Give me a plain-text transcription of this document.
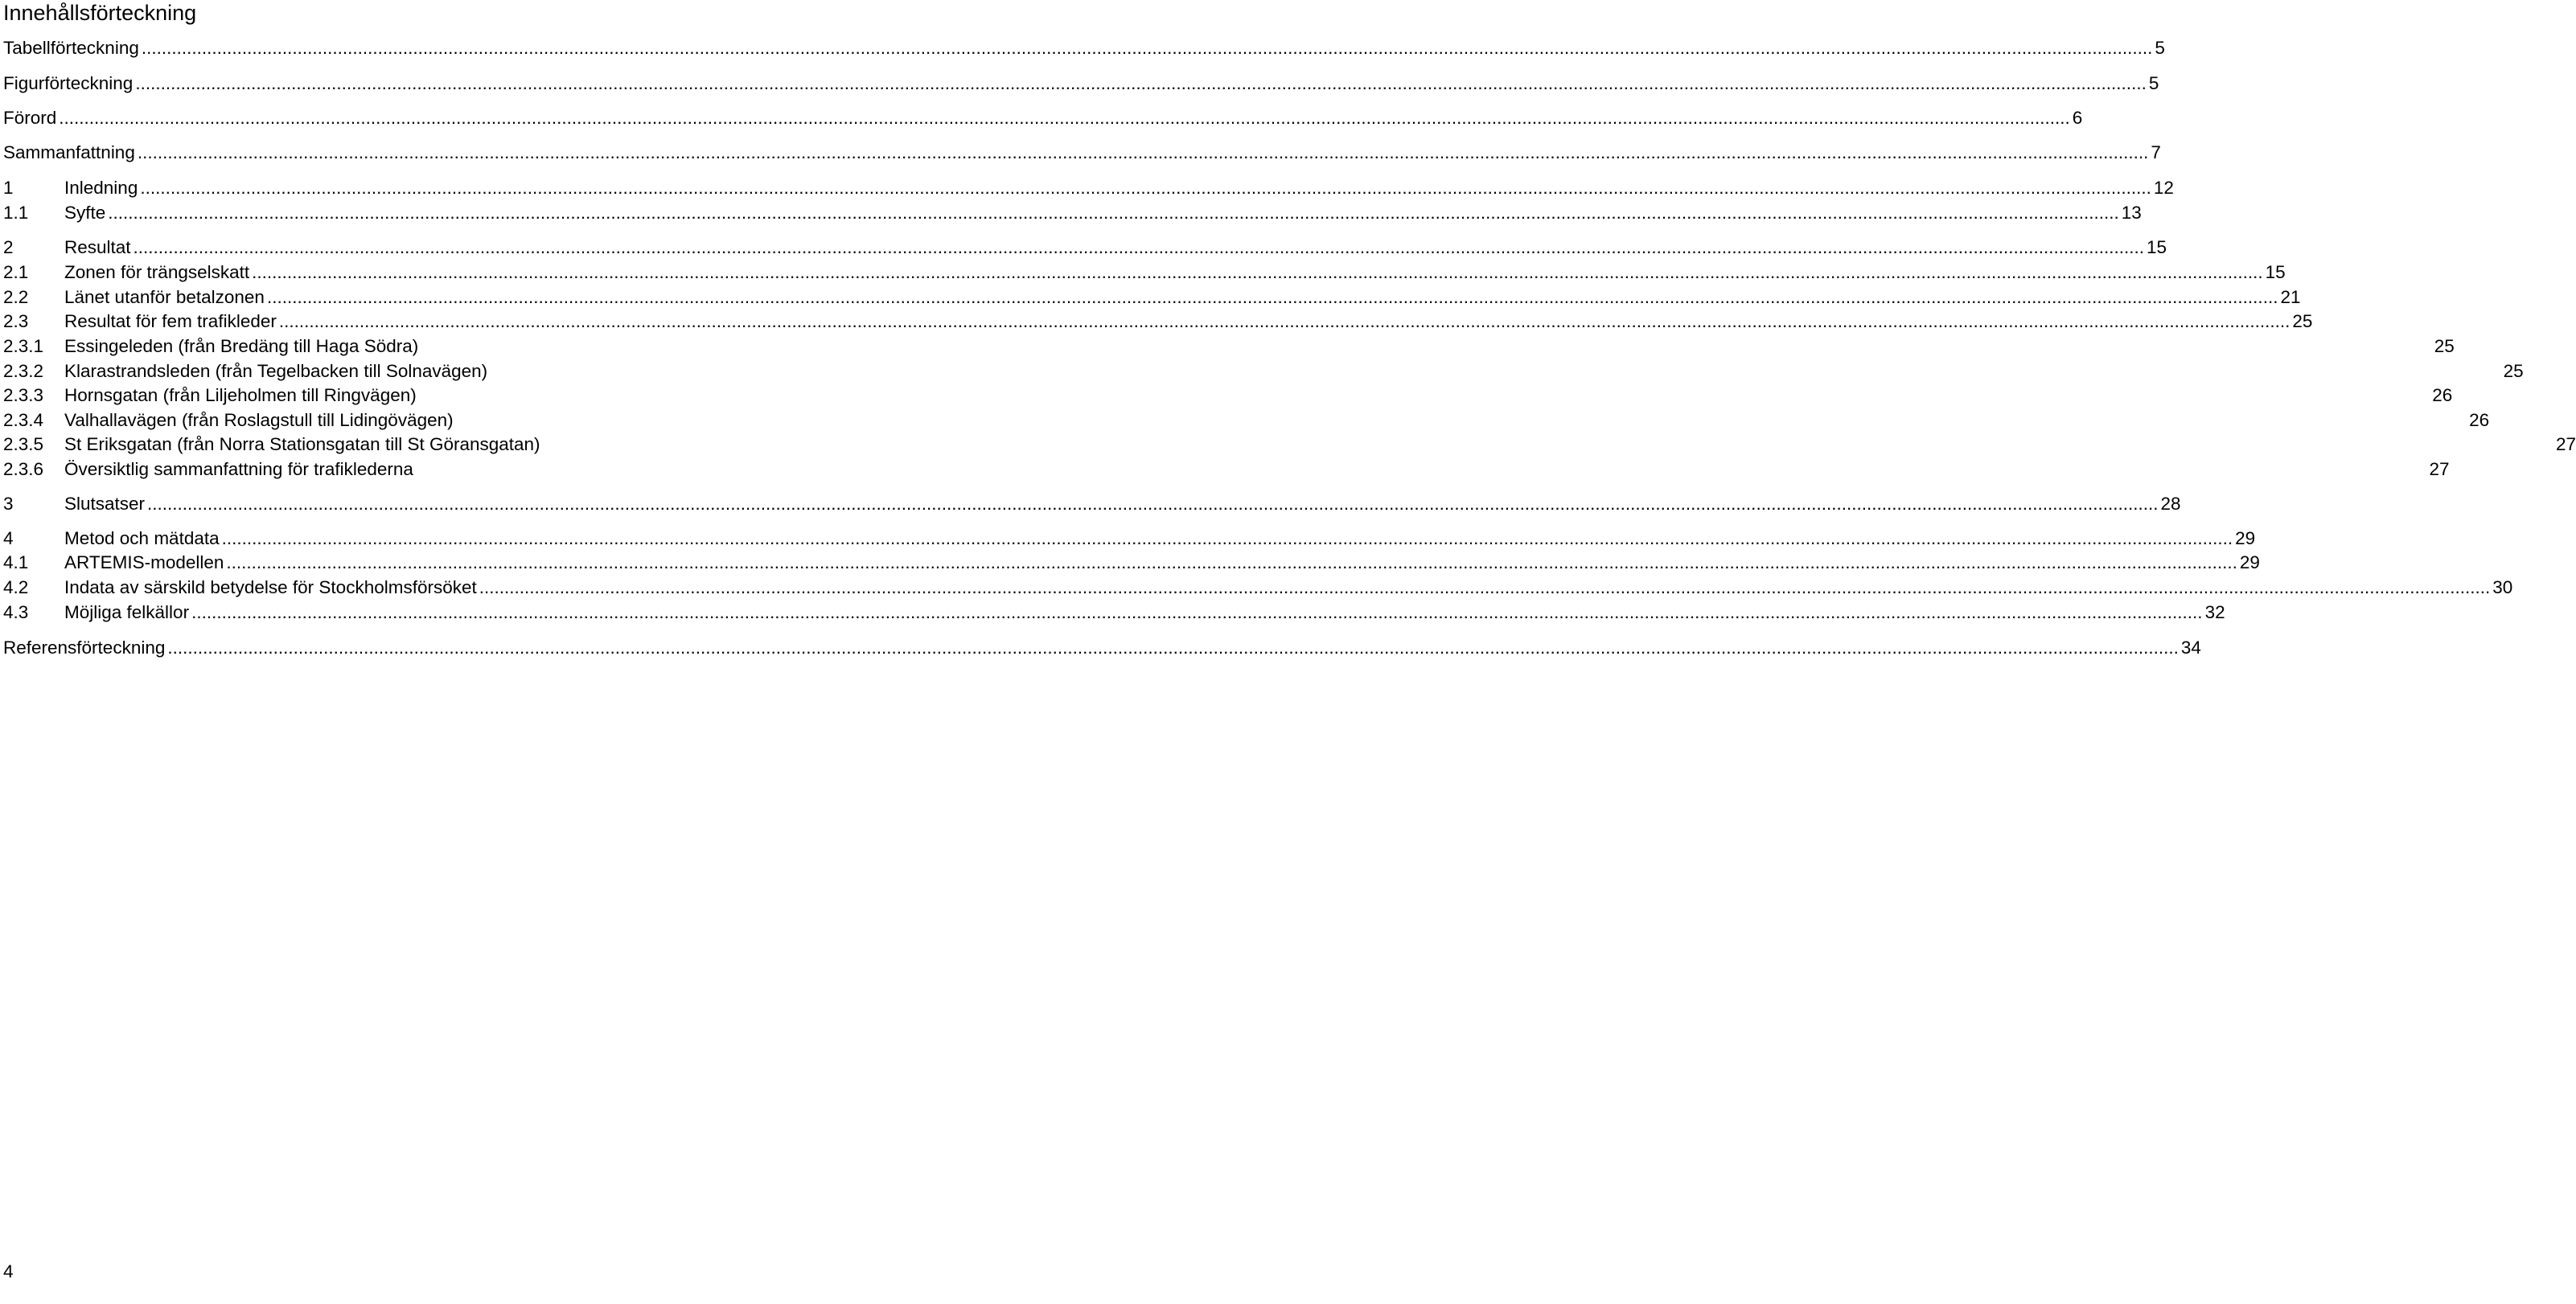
Innehållsförteckning
Tabellförteckning ................................................................................................................................................................................................................................................................................................................................................................................................................ 5
Figurförteckning ................................................................................................................................................................................................................................................................................................................................................................................................................ 5
Förord ................................................................................................................................................................................................................................................................................................................................................................................................................ 6
Sammanfattning ................................................................................................................................................................................................................................................................................................................................................................................................................ 7
1	Inledning ................................................................................................................................................................................................................................................................................................................................................................................................................ 12
1.1	Syfte ................................................................................................................................................................................................................................................................................................................................................................................................................ 13
2	Resultat ................................................................................................................................................................................................................................................................................................................................................................................................................ 15
2.1	Zonen för trängselskatt ................................................................................................................................................................................................................................................................................................................................................................................................................ 15
2.2	Länet utanför betalzonen ................................................................................................................................................................................................................................................................................................................................................................................................................ 21
2.3	Resultat för fem trafikleder ................................................................................................................................................................................................................................................................................................................................................................................................................ 25
2.3.1	Essingeleden (från Bredäng till Haga Södra)	25
2.3.2	Klarastrandsleden (från Tegelbacken till Solnavägen)	25
2.3.3	Hornsgatan (från Liljeholmen till Ringvägen)	26
2.3.4	Valhallavägen (från Roslagstull till Lidingövägen)	26
2.3.5	St Eriksgatan (från Norra Stationsgatan till St Göransgatan)	27
2.3.6	Översiktlig sammanfattning för trafiklederna	27
3	Slutsatser ................................................................................................................................................................................................................................................................................................................................................................................................................ 28
4	Metod och mätdata ................................................................................................................................................................................................................................................................................................................................................................................................................ 29
4.1	ARTEMIS-modellen ................................................................................................................................................................................................................................................................................................................................................................................................................ 29
4.2	Indata av särskild betydelse för Stockholmsförsöket ................................................................................................................................................................................................................................................................................................................................................................................................................ 30
4.3	Möjliga felkällor ................................................................................................................................................................................................................................................................................................................................................................................................................ 32
Referensförteckning ................................................................................................................................................................................................................................................................................................................................................................................................................ 34
4
